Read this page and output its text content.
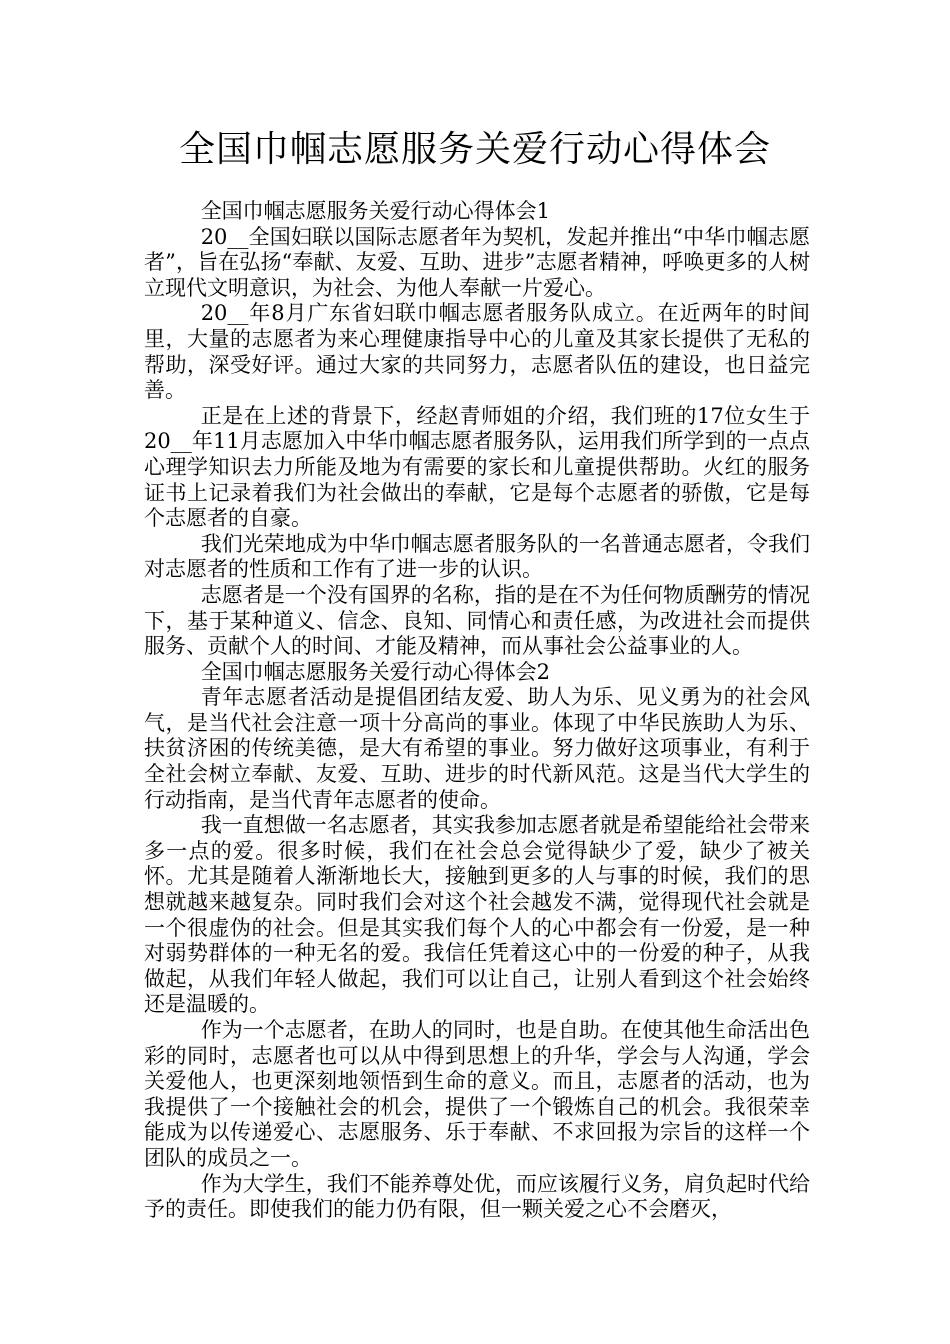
全国巾帼志愿服务关爱行动心得体会

全国巾帼志愿服务关爱行动心得体会1

20__全国妇联以国际志愿者年为契机，发起并推出“中华巾帼志愿者”，旨在弘扬“奉献、友爱、互助、进步”志愿者精神，呼唤更多的人树立现代文明意识，为社会、为他人奉献一片爱心。

20__年8月广东省妇联巾帼志愿者服务队成立。在近两年的时间里，大量的志愿者为来心理健康指导中心的儿童及其家长提供了无私的帮助，深受好评。通过大家的共同努力，志愿者队伍的建设，也日益完善。

正是在上述的背景下，经赵青师姐的介绍，我们班的17位女生于20__年11月志愿加入中华巾帼志愿者服务队，运用我们所学到的一点点心理学知识去力所能及地为有需要的家长和儿童提供帮助。火红的服务证书上记录着我们为社会做出的奉献，它是每个志愿者的骄傲，它是每个志愿者的自豪。

我们光荣地成为中华巾帼志愿者服务队的一名普通志愿者，令我们对志愿者的性质和工作有了进一步的认识。

志愿者是一个没有国界的名称，指的是在不为任何物质酬劳的情况下，基于某种道义、信念、良知、同情心和责任感，为改进社会而提供服务、贡献个人的时间、才能及精神，而从事社会公益事业的人。

全国巾帼志愿服务关爱行动心得体会2

青年志愿者活动是提倡团结友爱、助人为乐、见义勇为的社会风气，是当代社会注意一项十分高尚的事业。体现了中华民族助人为乐、扶贫济困的传统美德，是大有希望的事业。努力做好这项事业，有利于全社会树立奉献、友爱、互助、进步的时代新风范。这是当代大学生的行动指南，是当代青年志愿者的使命。

我一直想做一名志愿者，其实我参加志愿者就是希望能给社会带来多一点的爱。很多时候，我们在社会总会觉得缺少了爱，缺少了被关怀。尤其是随着人渐渐地长大，接触到更多的人与事的时候，我们的思想就越来越复杂。同时我们会对这个社会越发不满，觉得现代社会就是一个很虚伪的社会。但是其实我们每个人的心中都会有一份爱，是一种对弱势群体的一种无名的爱。我信任凭着这心中的一份爱的种子，从我做起，从我们年轻人做起，我们可以让自己，让别人看到这个社会始终还是温暖的。

作为一个志愿者，在助人的同时，也是自助。在使其他生命活出色彩的同时，志愿者也可以从中得到思想上的升华，学会与人沟通，学会关爱他人，也更深刻地领悟到生命的意义。而且，志愿者的活动，也为我提供了一个接触社会的机会，提供了一个锻炼自己的机会。我很荣幸能成为以传递爱心、志愿服务、乐于奉献、不求回报为宗旨的这样一个团队的成员之一。

作为大学生，我们不能养尊处优，而应该履行义务，肩负起时代给予的责任。即使我们的能力仍有限，但一颗关爱之心不会磨灭，
